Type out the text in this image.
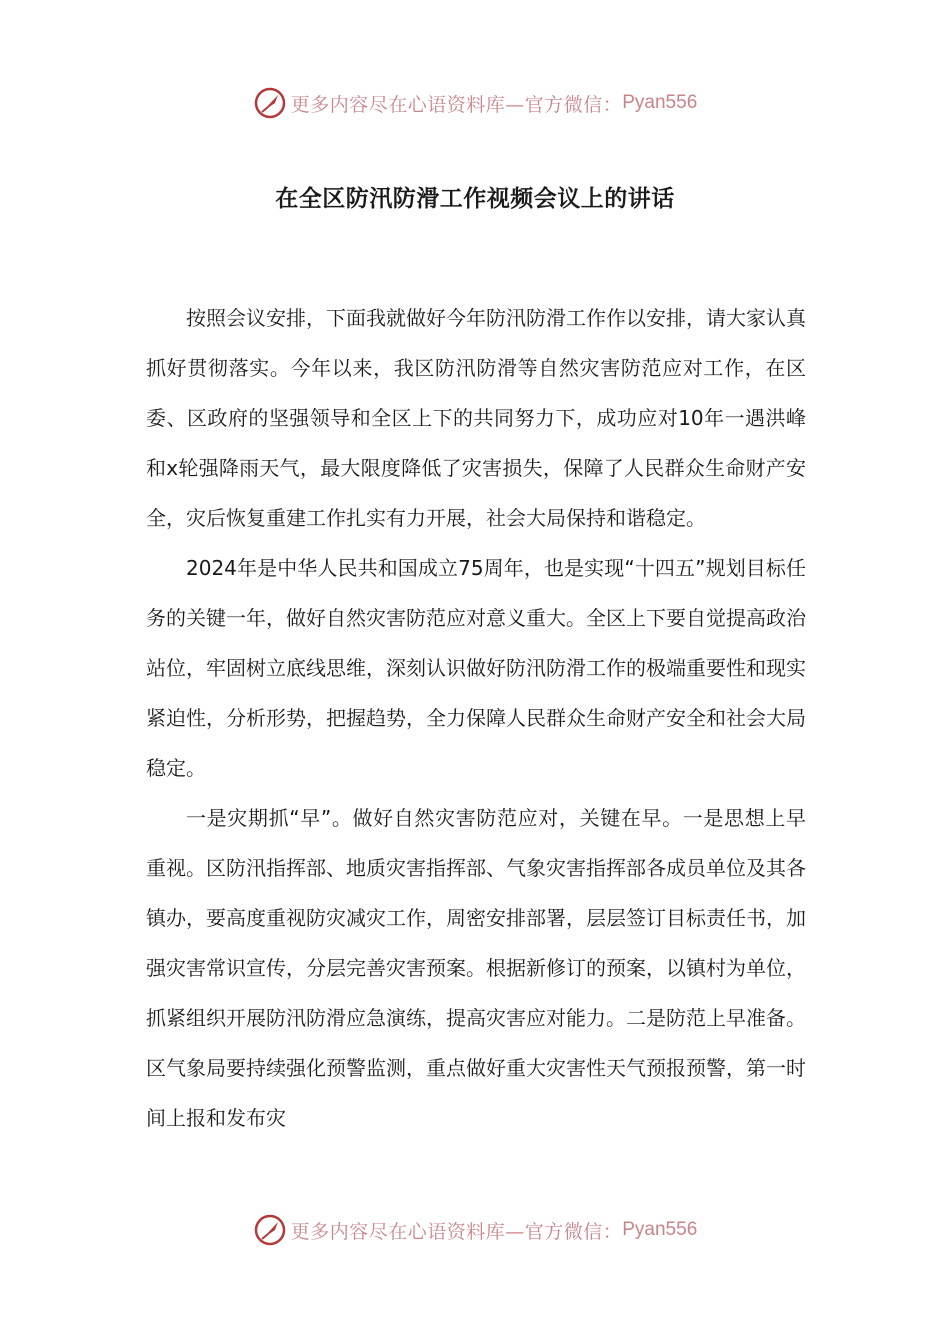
更多内容尽在心语资料库—官方微信： Pyan556
在全区防汛防滑工作视频会议上的讲话

按照会议安排，下面我就做好今年防汛防滑工作作以安排，请大家认真抓好贯彻落实。今年以来，我区防汛防滑等自然灾害防范应对工作，在区委、区政府的坚强领导和全区上下的共同努力下，成功应对10年一遇洪峰和x轮强降雨天气，最大限度降低了灾害损失，保障了人民群众生命财产安全，灾后恢复重建工作扎实有力开展，社会大局保持和谐稳定。

2024年是中华人民共和国成立75周年，也是实现“十四五”规划目标任务的关键一年，做好自然灾害防范应对意义重大。全区上下要自觉提高政治站位，牢固树立底线思维，深刻认识做好防汛防滑工作的极端重要性和现实紧迫性，分析形势，把握趋势，全力保障人民群众生命财产安全和社会大局稳定。

一是灾期抓“早”。做好自然灾害防范应对，关键在早。一是思想上早重视。区防汛指挥部、地质灾害指挥部、气象灾害指挥部各成员单位及其各镇办，要高度重视防灾减灾工作，周密安排部署，层层签订目标责任书，加强灾害常识宣传，分层完善灾害预案。根据新修订的预案，以镇村为单位，抓紧组织开展防汛防滑应急演练，提高灾害应对能力。二是防范上早准备。区气象局要持续强化预警监测，重点做好重大灾害性天气预报预警，第一时间上报和发布灾

更多内容尽在心语资料库—官方微信： Pyan556
